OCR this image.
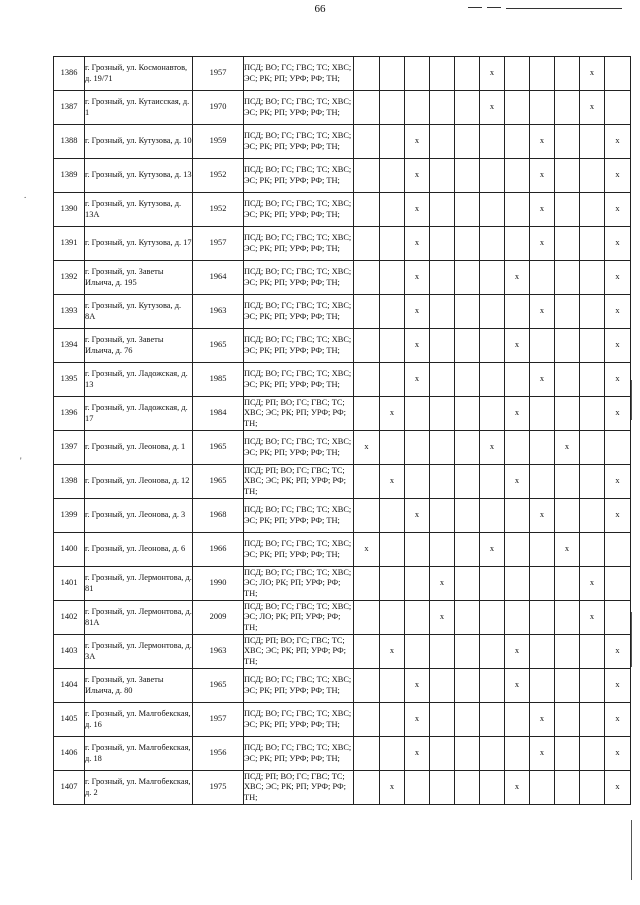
66
.
'
1386	г. Грозный, ул. Космонавтов, д. 19/71	1957	ПСД; ВО; ГС; ГВС; ТС; ХВС; ЭС; РК; РП; УРФ; РФ; ТН;						x				x	
1387	г. Грозный, ул. Кутаисская, д. 1	1970	ПСД; ВО; ГС; ГВС; ТС; ХВС; ЭС; РК; РП; УРФ; РФ; ТН;						x				x	
1388	г. Грозный, ул. Кутузова, д. 10	1959	ПСД; ВО; ГС; ГВС; ТС; ХВС; ЭС; РК; РП; УРФ; РФ; ТН;			x					x			x
1389	г. Грозный, ул. Кутузова, д. 13	1952	ПСД; ВО; ГС; ГВС; ТС; ХВС; ЭС; РК; РП; УРФ; РФ; ТН;			x					x			x
1390	г. Грозный, ул. Кутузова, д. 13А	1952	ПСД; ВО; ГС; ГВС; ТС; ХВС; ЭС; РК; РП; УРФ; РФ; ТН;			x					x			x
1391	г. Грозный, ул. Кутузова, д. 17	1957	ПСД; ВО; ГС; ГВС; ТС; ХВС; ЭС; РК; РП; УРФ; РФ; ТН;			x					x			x
1392	г. Грозный, ул. Заветы Ильича, д. 195	1964	ПСД; ВО; ГС; ГВС; ТС; ХВС; ЭС; РК; РП; УРФ; РФ; ТН;			x				x				x
1393	г. Грозный, ул. Кутузова, д. 8А	1963	ПСД; ВО; ГС; ГВС; ТС; ХВС; ЭС; РК; РП; УРФ; РФ; ТН;			x					x			x
1394	г. Грозный, ул. Заветы Ильича, д. 76	1965	ПСД; ВО; ГС; ГВС; ТС; ХВС; ЭС; РК; РП; УРФ; РФ; ТН;			x				x				x
1395	г. Грозный, ул. Ладожская, д. 13	1985	ПСД; ВО; ГС; ГВС; ТС; ХВС; ЭС; РК; РП; УРФ; РФ; ТН;			x					x			x
1396	г. Грозный, ул. Ладожская, д. 17	1984	ПСД; РП; ВО; ГС; ГВС; ТС; ХВС; ЭС; РК; РП; УРФ; РФ; ТН;		x					x				x
1397	г. Грозный, ул. Леонова, д. 1	1965	ПСД; ВО; ГС; ГВС; ТС; ХВС; ЭС; РК; РП; УРФ; РФ; ТН;	x					x			x		
1398	г. Грозный, ул. Леонова, д. 12	1965	ПСД; РП; ВО; ГС; ГВС; ТС; ХВС; ЭС; РК; РП; УРФ; РФ; ТН;		x					x				x
1399	г. Грозный, ул. Леонова, д. 3	1968	ПСД; ВО; ГС; ГВС; ТС; ХВС; ЭС; РК; РП; УРФ; РФ; ТН;			x					x			x
1400	г. Грозный, ул. Леонова, д. 6	1966	ПСД; ВО; ГС; ГВС; ТС; ХВС; ЭС; РК; РП; УРФ; РФ; ТН;	x					x			x		
1401	г. Грозный, ул. Лермонтова, д. 81	1990	ПСД; ВО; ГС; ГВС; ТС; ХВС; ЭС; ЛО; РК; РП; УРФ; РФ; ТН;				x						x	
1402	г. Грозный, ул. Лермонтова, д. 81А	2009	ПСД; ВО; ГС; ГВС; ТС; ХВС; ЭС; ЛО; РК; РП; УРФ; РФ; ТН;				x						x	
1403	г. Грозный, ул. Лермонтова, д. 3А	1963	ПСД; РП; ВО; ГС; ГВС; ТС; ХВС; ЭС; РК; РП; УРФ; РФ; ТН;		x					x				x
1404	г. Грозный, ул. Заветы Ильича, д. 80	1965	ПСД; ВО; ГС; ГВС; ТС; ХВС; ЭС; РК; РП; УРФ; РФ; ТН;			x				x				x
1405	г. Грозный, ул. Малгобекская, д. 16	1957	ПСД; ВО; ГС; ГВС; ТС; ХВС; ЭС; РК; РП; УРФ; РФ; ТН;			x					x			x
1406	г. Грозный, ул. Малгобекская, д. 18	1956	ПСД; ВО; ГС; ГВС; ТС; ХВС; ЭС; РК; РП; УРФ; РФ; ТН;			x					x			x
1407	г. Грозный, ул. Малгобекская, д. 2	1975	ПСД; РП; ВО; ГС; ГВС; ТС; ХВС; ЭС; РК; РП; УРФ; РФ; ТН;		x					x				x
